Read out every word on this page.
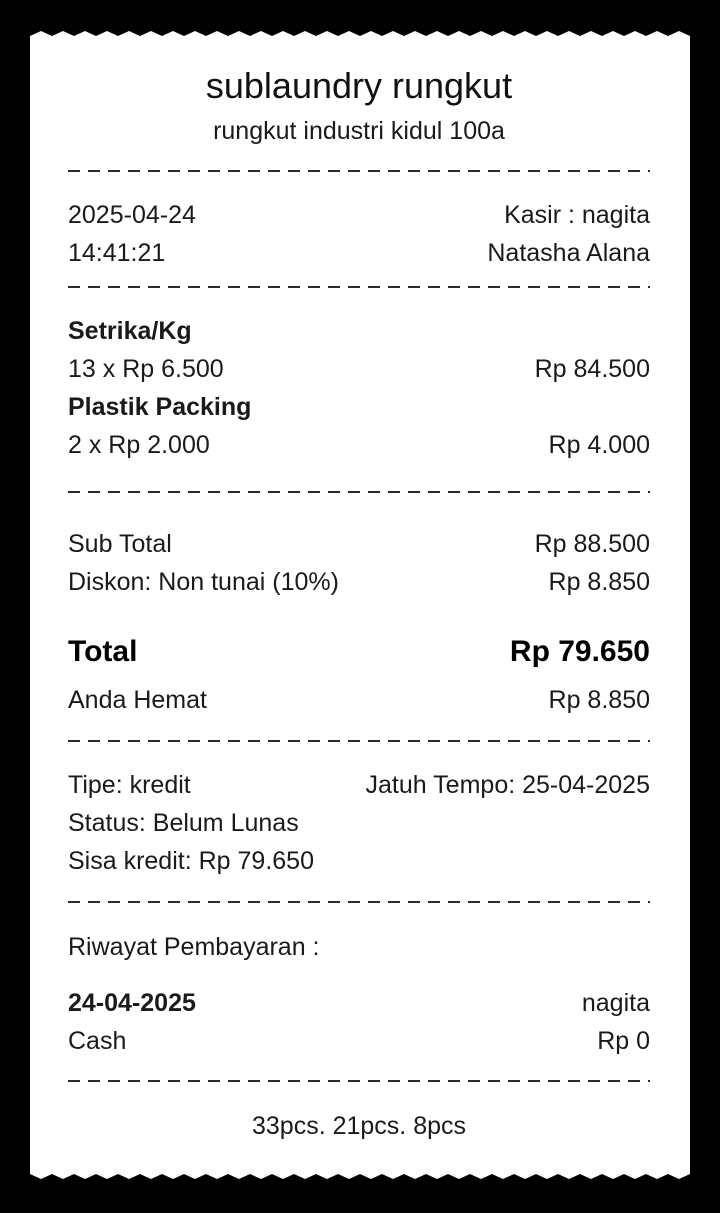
sublaundry rungkut
rungkut industri kidul 100a
2025-04-24	Kasir : nagita
14:41:21	Natasha Alana
Setrika/Kg
13 x Rp 6.500	Rp 84.500
Plastik Packing
2 x Rp 2.000	Rp 4.000
Sub Total	Rp 88.500
Diskon: Non tunai (10%)	Rp 8.850
Total	Rp 79.650
Anda Hemat	Rp 8.850
Tipe: kredit	Jatuh Tempo: 25-04-2025
Status: Belum Lunas
Sisa kredit: Rp 79.650
Riwayat Pembayaran :
24-04-2025	nagita
Cash	Rp 0
33pcs. 21pcs. 8pcs
